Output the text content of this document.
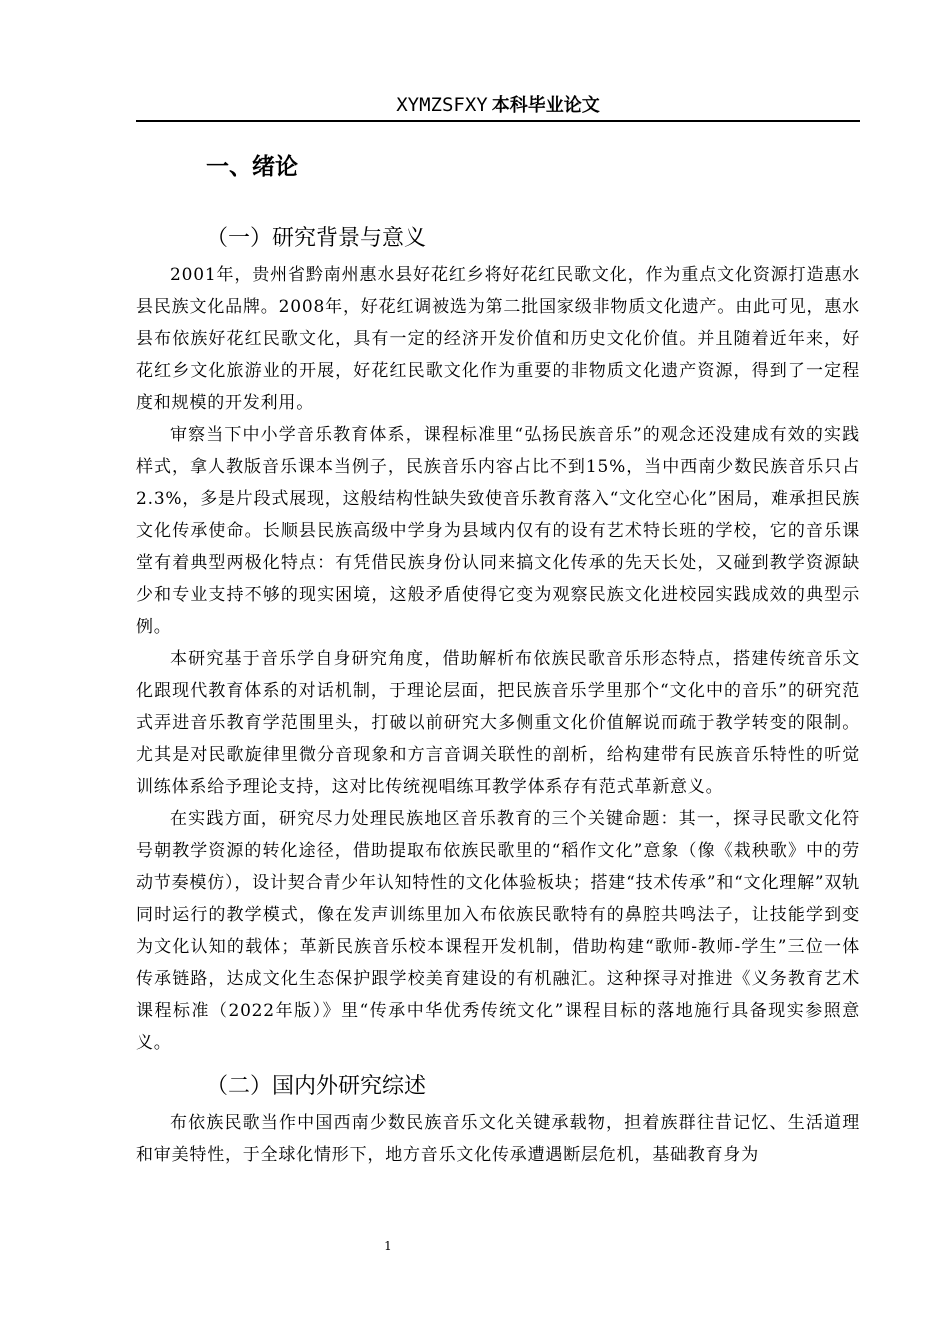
XYMZSFXY 本科毕业论文
一、绪论
（一）研究背景与意义

2001年，贵州省黔南州惠水县好花红乡将好花红民歌文化，作为重点文化资源打造惠水县民族文化品牌。2008年，好花红调被选为第二批国家级非物质文化遗产。由此可见，惠水县布依族好花红民歌文化，具有一定的经济开发价值和历史文化价值。并且随着近年来，好花红乡文化旅游业的开展，好花红民歌文化作为重要的非物质文化遗产资源，得到了一定程度和规模的开发利用。

审察当下中小学音乐教育体系，课程标准里“弘扬民族音乐”的观念还没建成有效的实践样式，拿人教版音乐课本当例子，民族音乐内容占比不到15%，当中西南少数民族音乐只占2.3%，多是片段式展现，这般结构性缺失致使音乐教育落入“文化空心化”困局，难承担民族文化传承使命。长顺县民族高级中学身为县域内仅有的设有艺术特长班的学校，它的音乐课堂有着典型两极化特点：有凭借民族身份认同来搞文化传承的先天长处，又碰到教学资源缺少和专业支持不够的现实困境，这般矛盾使得它变为观察民族文化进校园实践成效的典型示例。

本研究基于音乐学自身研究角度，借助解析布依族民歌音乐形态特点，搭建传统音乐文化跟现代教育体系的对话机制，于理论层面，把民族音乐学里那个“文化中的音乐”的研究范式弄进音乐教育学范围里头，打破以前研究大多侧重文化价值解说而疏于教学转变的限制。尤其是对民歌旋律里微分音现象和方言音调关联性的剖析，给构建带有民族音乐特性的听觉训练体系给予理论支持，这对比传统视唱练耳教学体系存有范式革新意义。

在实践方面，研究尽力处理民族地区音乐教育的三个关键命题：其一，探寻民歌文化符号朝教学资源的转化途径，借助提取布依族民歌里的“稻作文化”意象（像《栽秧歌》中的劳动节奏模仿），设计契合青少年认知特性的文化体验板块；搭建“技术传承”和“文化理解”双轨同时运行的教学模式，像在发声训练里加入布依族民歌特有的鼻腔共鸣法子，让技能学到变为文化认知的载体；革新民族音乐校本课程开发机制，借助构建“歌师-教师-学生”三位一体传承链路，达成文化生态保护跟学校美育建设的有机融汇。这种探寻对推进《义务教育艺术课程标准（2022年版）》里“传承中华优秀传统文化”课程目标的落地施行具备现实参照意义。

（二）国内外研究综述

布依族民歌当作中国西南少数民族音乐文化关键承载物，担着族群往昔记忆、生活道理和审美特性，于全球化情形下，地方音乐文化传承遭遇断层危机，基础教育身为

1
